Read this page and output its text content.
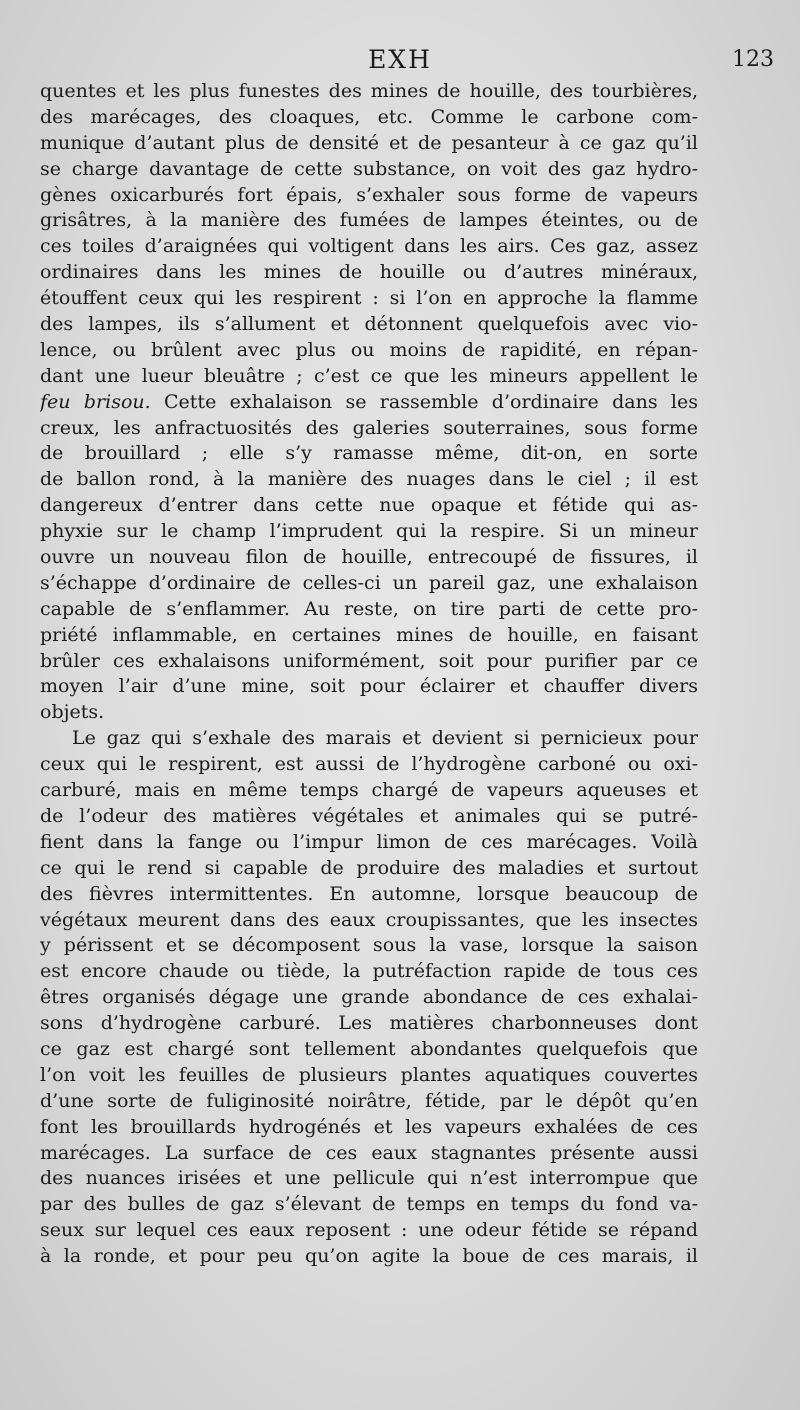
EXH	123
quentes et les plus funestes des mines de houille, des tourbières,
des marécages, des cloaques, etc. Comme le carbone com-
munique d’autant plus de densité et de pesanteur à ce gaz qu’il
se charge davantage de cette substance, on voit des gaz hydro-
gènes oxicarburés fort épais, s’exhaler sous forme de vapeurs
grisâtres, à la manière des fumées de lampes éteintes, ou de
ces toiles d’araignées qui voltigent dans les airs. Ces gaz, assez
ordinaires dans les mines de houille ou d’autres minéraux,
étouffent ceux qui les respirent : si l’on en approche la flamme
des lampes, ils s’allument et détonnent quelquefois avec vio-
lence, ou brûlent avec plus ou moins de rapidité, en répan-
dant une lueur bleuâtre ; c’est ce que les mineurs appellent le
feu brisou. Cette exhalaison se rassemble d’ordinaire dans les
creux, les anfractuosités des galeries souterraines, sous forme
de brouillard ; elle s’y ramasse même, dit-on, en sorte
de ballon rond, à la manière des nuages dans le ciel ; il est
dangereux d’entrer dans cette nue opaque et fétide qui as-
phyxie sur le champ l’imprudent qui la respire. Si un mineur
ouvre un nouveau filon de houille, entrecoupé de fissures, il
s’échappe d’ordinaire de celles-ci un pareil gaz, une exhalaison
capable de s’enflammer. Au reste, on tire parti de cette pro-
priété inflammable, en certaines mines de houille, en faisant
brûler ces exhalaisons uniformément, soit pour purifier par ce
moyen l’air d’une mine, soit pour éclairer et chauffer divers
objets.
Le gaz qui s’exhale des marais et devient si pernicieux pour
ceux qui le respirent, est aussi de l’hydrogène carboné ou oxi-
carburé, mais en même temps chargé de vapeurs aqueuses et
de l’odeur des matières végétales et animales qui se putré-
fient dans la fange ou l’impur limon de ces marécages. Voilà
ce qui le rend si capable de produire des maladies et surtout
des fièvres intermittentes. En automne, lorsque beaucoup de
végétaux meurent dans des eaux croupissantes, que les insectes
y périssent et se décomposent sous la vase, lorsque la saison
est encore chaude ou tiède, la putréfaction rapide de tous ces
êtres organisés dégage une grande abondance de ces exhalai-
sons d’hydrogène carburé. Les matières charbonneuses dont
ce gaz est chargé sont tellement abondantes quelquefois que
l’on voit les feuilles de plusieurs plantes aquatiques couvertes
d’une sorte de fuliginosité noirâtre, fétide, par le dépôt qu’en
font les brouillards hydrogénés et les vapeurs exhalées de ces
marécages. La surface de ces eaux stagnantes présente aussi
des nuances irisées et une pellicule qui n’est interrompue que
par des bulles de gaz s’élevant de temps en temps du fond va-
seux sur lequel ces eaux reposent : une odeur fétide se répand
à la ronde, et pour peu qu’on agite la boue de ces marais, il
